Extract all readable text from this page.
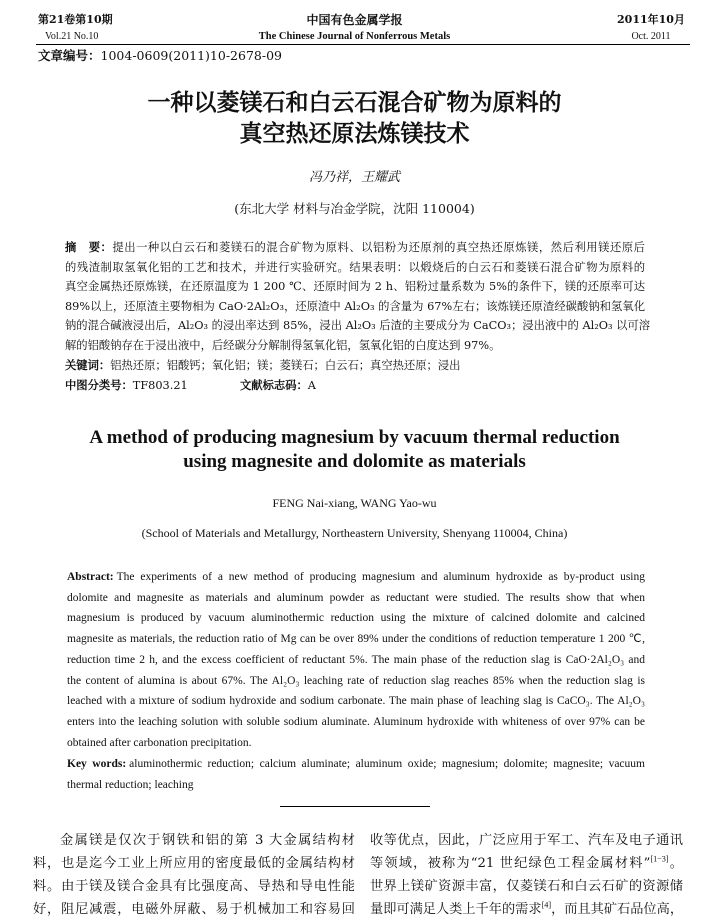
第21卷第10期
Vol.21 No.10
中国有色金属学报
The Chinese Journal of Nonferrous Metals
2011年10月
Oct. 2011
文章编号：1004-0609(2011)10-2678-09
一种以菱镁石和白云石混合矿物为原料的
真空热还原法炼镁技术
冯乃祥，王耀武
(东北大学 材料与冶金学院，沈阳 110004)
摘　要：提出一种以白云石和菱镁石的混合矿物为原料、以铝粉为还原剂的真空热还原炼镁，然后利用镁还原后
的残渣制取氢氧化铝的工艺和技术，并进行实验研究。结果表明：以煅烧后的白云石和菱镁石混合矿物为原料的
真空金属热还原炼镁，在还原温度为 1 200 ℃、还原时间为 2 h、铝粉过量系数为 5%的条件下，镁的还原率可达
89%以上，还原渣主要物相为 CaO·2Al₂O₃，还原渣中 Al₂O₃ 的含量为 67%左右；该炼镁还原渣经碳酸钠和氢氧化
钠的混合碱液浸出后，Al₂O₃ 的浸出率达到 85%，浸出 Al₂O₃ 后渣的主要成分为 CaCO₃；浸出液中的 Al₂O₃ 以可溶
解的铝酸钠存在于浸出液中，后经碳分分解制得氢氧化铝，氢氧化铝的白度达到 97%。
关键词：铝热还原；铝酸钙；氧化铝；镁；菱镁石；白云石；真空热还原；浸出
中图分类号：TF803.21	文献标志码：A
A method of producing magnesium by vacuum thermal reduction
using magnesite and dolomite as materials
FENG Nai-xiang, WANG Yao-wu
(School of Materials and Metallurgy, Northeastern University, Shenyang 110004, China)
Abstract: The experiments of a new method of producing magnesium and aluminum hydroxide as by-product using
dolomite and magnesite as materials and aluminum powder as reductant were studied. The results show that when
magnesium is produced by vacuum aluminothermic reduction using the mixture of calcined dolomite and calcined
magnesite as materials, the reduction ratio of Mg can be over 89% under the conditions of reduction temperature 1 200 ℃,
reduction time 2 h, and the excess coefficient of reductant 5%. The main phase of the reduction slag is CaO·2Al₂O₃ and
the content of alumina is about 67%. The Al₂O₃ leaching rate of reduction slag reaches 85% when the reduction slag is
leached with a mixture of sodium hydroxide and sodium carbonate. The main phase of leaching slag is CaCO₃. The Al₂O₃
enters into the leaching solution with soluble sodium aluminate. Aluminum hydroxide with whiteness of over 97% can be
obtained after carbonation precipitation.
Key words: aluminothermic reduction; calcium aluminate; aluminum oxide; magnesium; dolomite; magnesite; vacuum
thermal reduction; leaching
金属镁是仅次于钢铁和铝的第 3 大金属结构材
料，也是迄今工业上所应用的密度最低的金属结构材
料。由于镁及镁合金具有比强度高、导热和导电性能
好，阻尼减震，电磁外屏蔽、易于机械加工和容易回
收等优点，因此，广泛应用于军工、汽车及电子通讯
等领域，被称为“21 世纪绿色工程金属材料”[1−3]。
世界上镁矿资源丰富，仅菱镁石和白云石矿的资源储
量即可满足人类上千年的需求[4]，而且其矿石品位高，
